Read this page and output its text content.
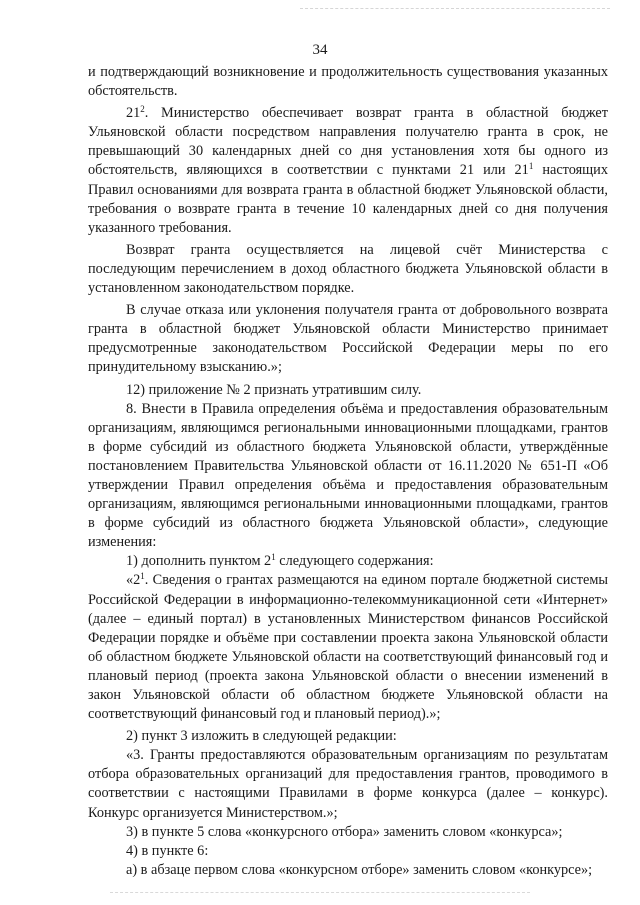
34

и подтверждающий возникновение и продолжительность существования указанных обстоятельств.

$21^2$. Министерство обеспечивает возврат гранта в областной бюджет Ульяновской области посредством направления получателю гранта в срок, не превышающий 30 календарных дней со дня установления хотя бы одного из обстоятельств, являющихся в соответствии с пунктами 21 или $21^1$ настоящих Правил основаниями для возврата гранта в областной бюджет Ульяновской области, требования о возврате гранта в течение 10 календарных дней со дня получения указанного требования.

Возврат гранта осуществляется на лицевой счёт Министерства с последующим перечислением в доход областного бюджета Ульяновской области в установленном законодательством порядке.

В случае отказа или уклонения получателя гранта от добровольного возврата гранта в областной бюджет Ульяновской области Министерство принимает предусмотренные законодательством Российской Федерации меры по его принудительному взысканию.»;

12) приложение № 2 признать утратившим силу.

8. Внести в Правила определения объёма и предоставления образовательным организациям, являющимся региональными инновационными площадками, грантов в форме субсидий из областного бюджета Ульяновской области, утверждённые постановлением Правительства Ульяновской области от 16.11.2020 № 651-П «Об утверждении Правил определения объёма и предоставления образовательным организациям, являющимся региональными инновационными площадками, грантов в форме субсидий из областного бюджета Ульяновской области», следующие изменения:

1) дополнить пунктом $2^1$ следующего содержания:

«$2^1$. Сведения о грантах размещаются на едином портале бюджетной системы Российской Федерации в информационно-телекоммуникационной сети «Интернет» (далее – единый портал) в установленных Министерством финансов Российской Федерации порядке и объёме при составлении проекта закона Ульяновской области об областном бюджете Ульяновской области на соответствующий финансовый год и плановый период (проекта закона Ульяновской области о внесении изменений в закон Ульяновской области об областном бюджете Ульяновской области на соответствующий финансовый год и плановый период).»;

2) пункт 3 изложить в следующей редакции:

«3. Гранты предоставляются образовательным организациям по результатам отбора образовательных организаций для предоставления грантов, проводимого в соответствии с настоящими Правилами в форме конкурса (далее – конкурс). Конкурс организуется Министерством.»;

3) в пункте 5 слова «конкурсного отбора» заменить словом «конкурса»;

4) в пункте 6:

а) в абзаце первом слова «конкурсном отборе» заменить словом «конкурсе»;
